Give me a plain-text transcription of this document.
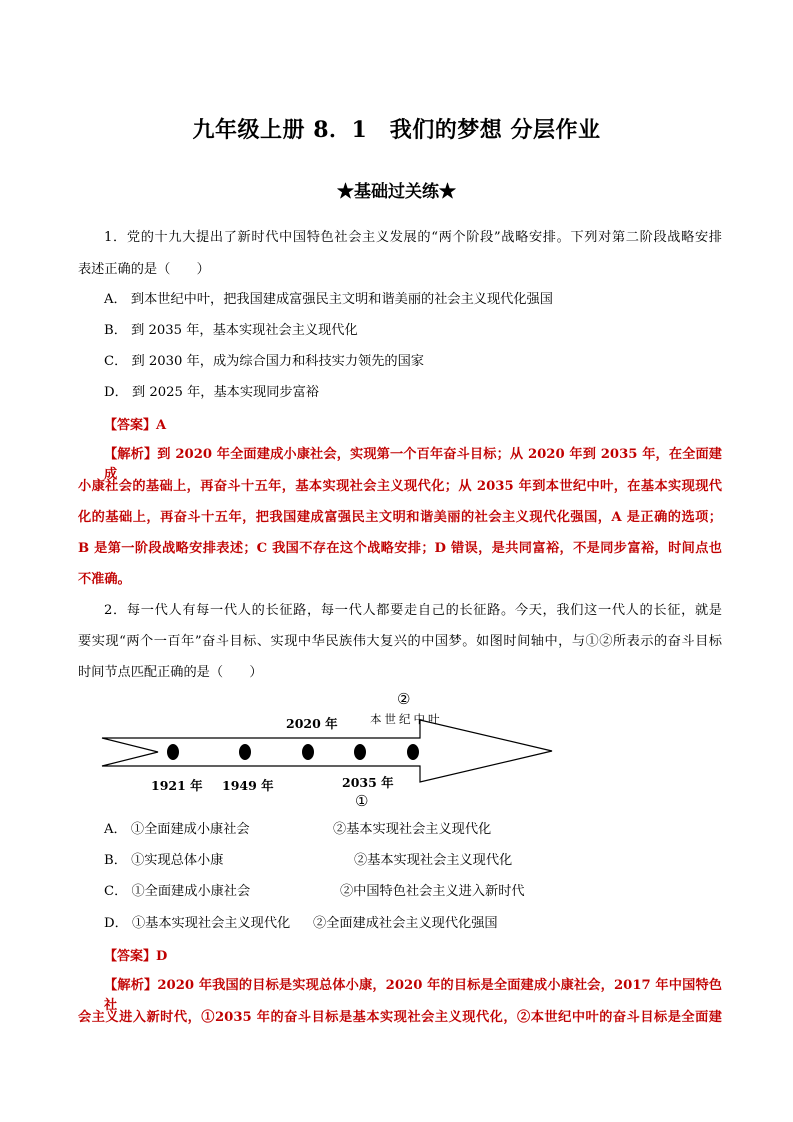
九年级上册 8．1　我们的梦想 分层作业
★基础过关练★
1．党的十九大提出了新时代中国特色社会主义发展的“两个阶段”战略安排。下列对第二阶段战略安排
表述正确的是（　　）
A． 到本世纪中叶，把我国建成富强民主文明和谐美丽的社会主义现代化强国
B． 到 2035 年，基本实现社会主义现代化
C． 到 2030 年，成为综合国力和科技实力领先的国家
D． 到 2025 年，基本实现同步富裕
【答案】A
【解析】到 2020 年全面建成小康社会，实现第一个百年奋斗目标；从 2020 年到 2035 年，在全面建成
小康社会的基础上，再奋斗十五年，基本实现社会主义现代化；从 2035 年到本世纪中叶，在基本实现现代
化的基础上，再奋斗十五年，把我国建成富强民主文明和谐美丽的社会主义现代化强国，A 是正确的选项；
B 是第一阶段战略安排表述；C 我国不存在这个战略安排；D 错误，是共同富裕，不是同步富裕，时间点也
不准确。
2．每一代人有每一代人的长征路，每一代人都要走自己的长征路。今天，我们这一代人的长征，就是
要实现“两个一百年”奋斗目标、实现中华民族伟大复兴的中国梦。如图时间轴中，与①②所表示的奋斗目标
时间节点匹配正确的是（　　）
②
本世纪中叶
2020 年
1921 年 1949 年	2035 年
①
A． ①全面建成小康社会	②基本实现社会主义现代化
B． ①实现总体小康	②基本实现社会主义现代化
C． ①全面建成小康社会	②中国特色社会主义进入新时代
D． ①基本实现社会主义现代化 ②全面建成社会主义现代化强国
【答案】D
【解析】2020 年我国的目标是实现总体小康，2020 年的目标是全面建成小康社会，2017 年中国特色社
会主义进入新时代，①2035 年的奋斗目标是基本实现社会主义现代化，②本世纪中叶的奋斗目标是全面建
